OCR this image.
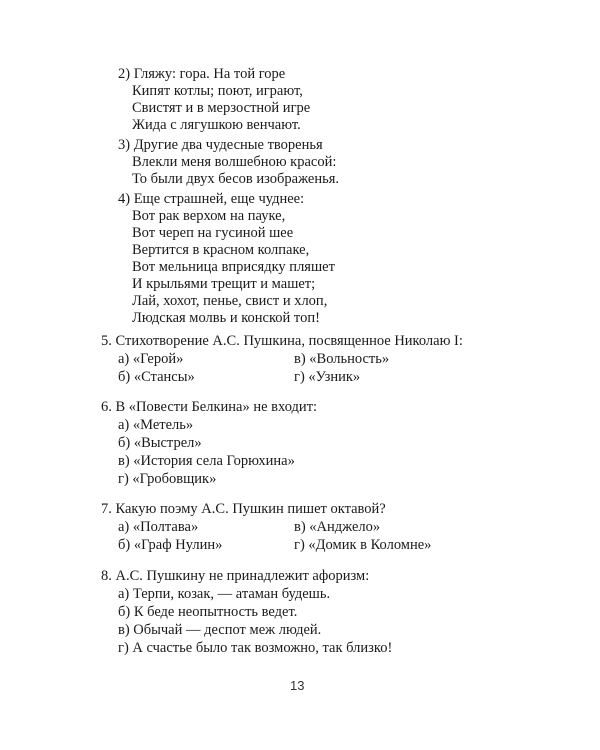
2) Гляжу: гора. На той горе
Кипят котлы; поют, играют,
Свистят и в мерзостной игре
Жида с лягушкою венчают.
3) Другие два чудесные творенья
Влекли меня волшебною красой:
То были двух бесов изображенья.
4) Еще страшней, еще чуднее:
Вот рак верхом на пауке,
Вот череп на гусиной шее
Вертится в красном колпаке,
Вот мельница вприсядку пляшет
И крыльями трещит и машет;
Лай, хохот, пенье, свист и хлоп,
Людская молвь и конской топ!
5. Стихотворение А.С. Пушкина, посвященное Николаю I:
а) «Герой»	в) «Вольность»
б) «Стансы»	г) «Узник»
6. В «Повести Белкина» не входит:
а) «Метель»
б) «Выстрел»
в) «История села Горюхина»
г) «Гробовщик»
7. Какую поэму А.С. Пушкин пишет октавой?
а) «Полтава»	в) «Анджело»
б) «Граф Нулин»	г) «Домик в Коломне»
8. А.С. Пушкину не принадлежит афоризм:
а) Терпи, козак, — атаман будешь.
б) К беде неопытность ведет.
в) Обычай — деспот меж людей.
г) А счастье было так возможно, так близко!
13
